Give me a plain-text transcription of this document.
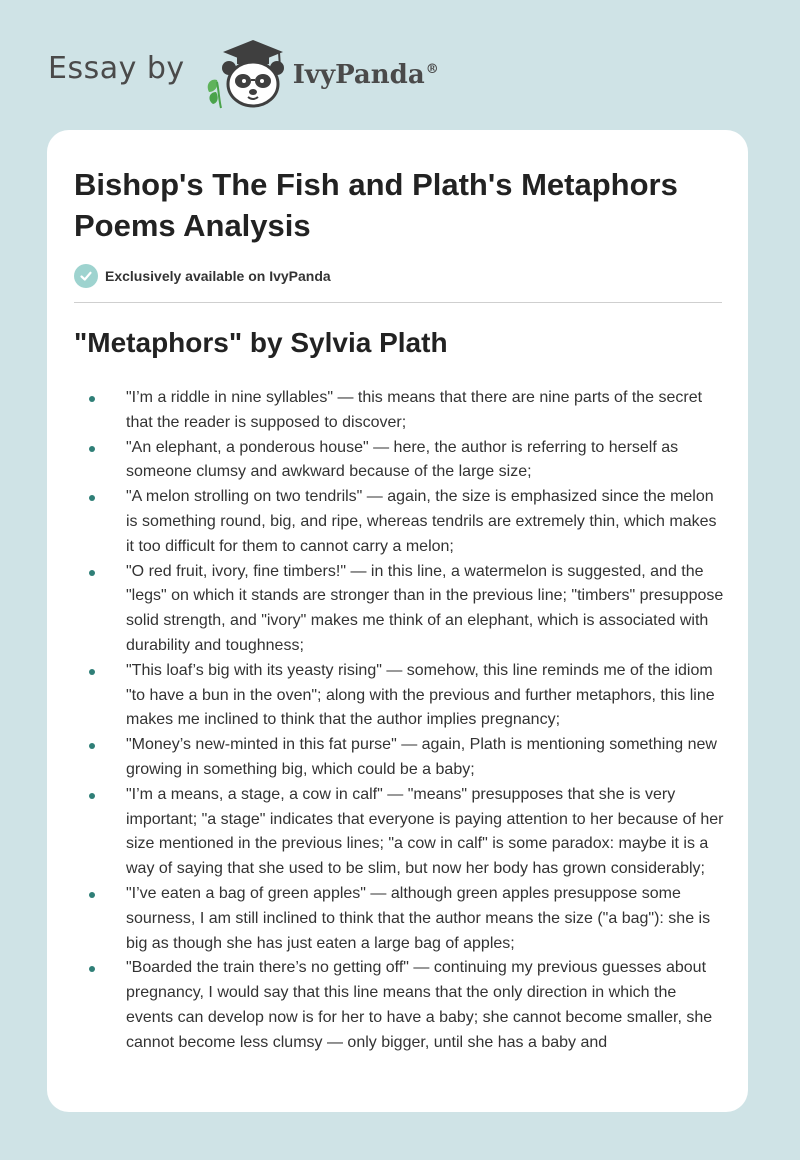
Essay by	IvyPanda®
Bishop's The Fish and Plath's Metaphors Poems Analysis
Exclusively available on IvyPanda
"Metaphors" by Sylvia Plath
"I’m a riddle in nine syllables" — this means that there are nine parts of the secret that the reader is supposed to discover;
"An elephant, a ponderous house" — here, the author is referring to herself as someone clumsy and awkward because of the large size;
"A melon strolling on two tendrils" — again, the size is emphasized since the melon is something round, big, and ripe, whereas tendrils are extremely thin, which makes it too difficult for them to cannot carry a melon;
"O red fruit, ivory, fine timbers!" — in this line, a watermelon is suggested, and the "legs" on which it stands are stronger than in the previous line; "timbers" presuppose solid strength, and "ivory" makes me think of an elephant, which is associated with durability and toughness;
"This loaf’s big with its yeasty rising" — somehow, this line reminds me of the idiom "to have a bun in the oven"; along with the previous and further metaphors, this line makes me inclined to think that the author implies pregnancy;
"Money’s new-minted in this fat purse" — again, Plath is mentioning something new growing in something big, which could be a baby;
"I’m a means, a stage, a cow in calf" — "means" presupposes that she is very important; "a stage" indicates that everyone is paying attention to her because of her size mentioned in the previous lines; "a cow in calf" is some paradox: maybe it is a way of saying that she used to be slim, but now her body has grown considerably;
"I’ve eaten a bag of green apples" — although green apples presuppose some sourness, I am still inclined to think that the author means the size ("a bag"): she is big as though she has just eaten a large bag of apples;
"Boarded the train there’s no getting off" — continuing my previous guesses about pregnancy, I would say that this line means that the only direction in which the events can develop now is for her to have a baby; she cannot become smaller, she cannot become less clumsy — only bigger, until she has a baby and
